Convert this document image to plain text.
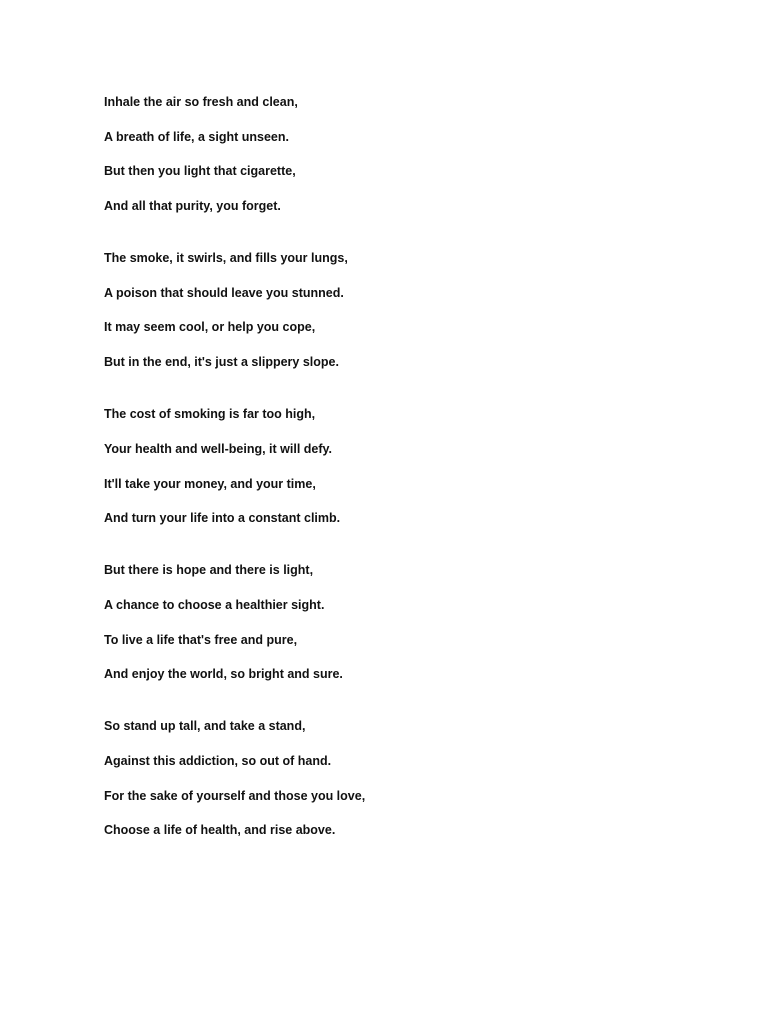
Inhale the air so fresh and clean,
A breath of life, a sight unseen.
But then you light that cigarette,
And all that purity, you forget.
The smoke, it swirls, and fills your lungs,
A poison that should leave you stunned.
It may seem cool, or help you cope,
But in the end, it's just a slippery slope.
The cost of smoking is far too high,
Your health and well-being, it will defy.
It'll take your money, and your time,
And turn your life into a constant climb.
But there is hope and there is light,
A chance to choose a healthier sight.
To live a life that's free and pure,
And enjoy the world, so bright and sure.
So stand up tall, and take a stand,
Against this addiction, so out of hand.
For the sake of yourself and those you love,
Choose a life of health, and rise above.
